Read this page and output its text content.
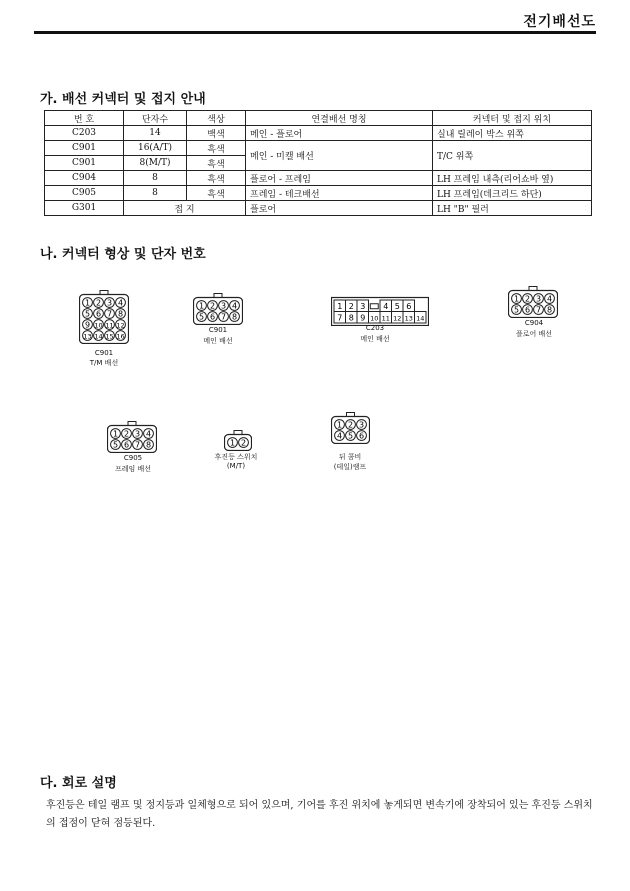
전기배선도
가. 배선 커넥터 및 접지 안내
번 호	단자수	색상	연결배선 명칭	커넥터 및 접지 위치
C203	14	백색	메인 - 플로어	실내 릴레이 박스 위쪽
C901	16(A/T)	흑색	메인 - 미캘 배선	T/C 위쪽
C901	8(M/T)	흑색		
C904	8	흑색	플로어 - 프레임	LH 프레임 내측(리어쇼바 옆)
C905	8	흑색	프레임 - 테크배선	LH 프레임(데크리드 하단)
G301	접 지		플로어	LH "B" 필러
나. 커넥터 형상 및 단자 번호
1 2 3 4
5 6 7 8
9 10 11 12
13 14 15 16
C901
T/M 배선
1 2 3 4
5 6 7 8
C901
메인 배선
1 2 3 4 5 6
7 8 9 10 11 12 13 14
C203
메인 배선
1 2 3 4
5 6 7 8
C904
플로어 배선
1 2 3 4
5 6 7 8
C905
프레임 배선
1 2
후진등 스위치
(M/T)
1 2 3
4 5 6
뒤 콤비
(테일)램프
다. 회로 설명
후진등은 테일 램프 및 정지등과 일체형으로 되어 있으며, 기어를 후진 위치에 놓게되면 변속기에 장착되어 있는 후진등 스위치의 접점이 닫혀 점등된다.
